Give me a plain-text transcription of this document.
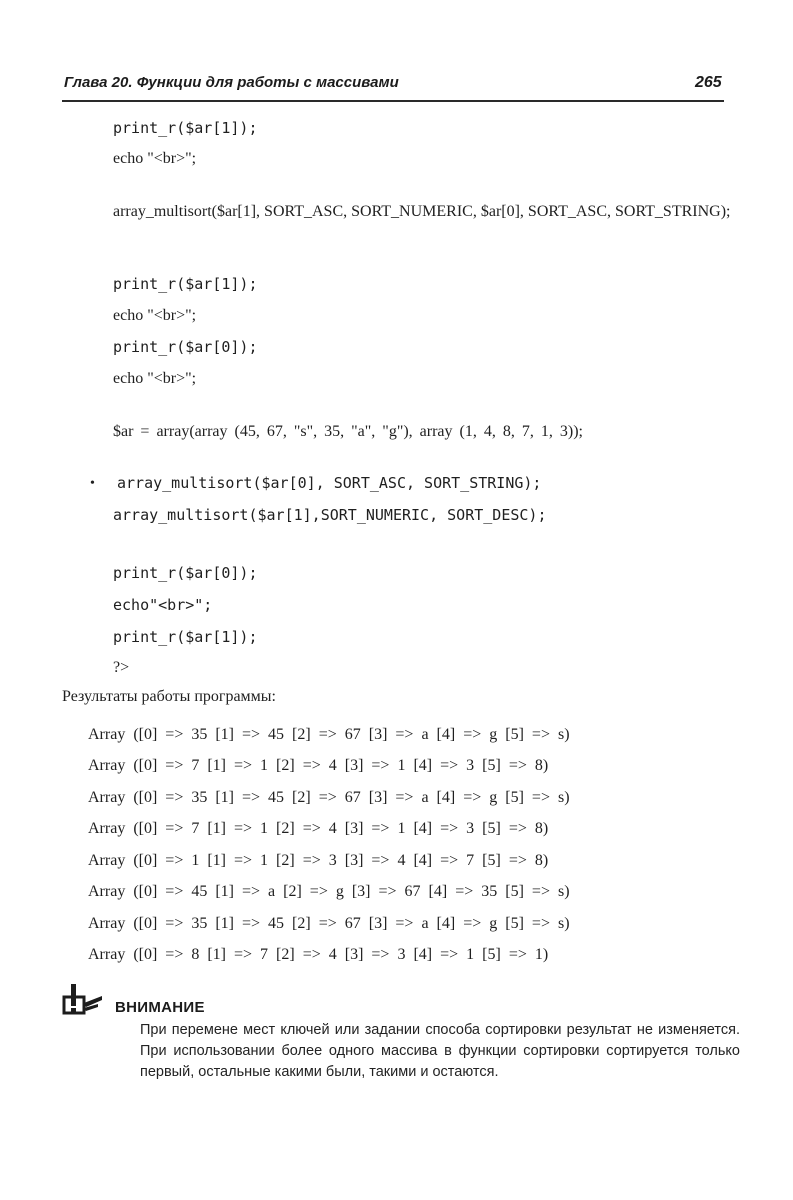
Глава 20. Функции для работы с массивами	265
print_r($ar[1]);
echo "<br>";
array_multisort($ar[1], SORT_ASC, SORT_NUMERIC, $ar[0], SORT_ASC, SORT_STRING);
print_r($ar[1]);
echo "<br>";
print_r($ar[0]);
echo "<br>";
$ar = array(array (45, 67, "s", 35, "a", "g"), array (1, 4, 8, 7, 1, 3));
• array_multisort($ar[0], SORT_ASC, SORT_STRING);
array_multisort($ar[1],SORT_NUMERIC, SORT_DESC);
print_r($ar[0]);
echo"<br>";
print_r($ar[1]);
?>
Результаты работы программы:
Array ([0] => 35 [1] => 45 [2] => 67 [3] => a [4] => g [5] => s)
Array ([0] => 7 [1] => 1 [2] => 4 [3] => 1 [4] => 3 [5] => 8)
Array ([0] => 35 [1] => 45 [2] => 67 [3] => a [4] => g [5] => s)
Array ([0] => 7 [1] => 1 [2] => 4 [3] => 1 [4] => 3 [5] => 8)
Array ([0] => 1 [1] => 1 [2] => 3 [3] => 4 [4] => 7 [5] => 8)
Array ([0] => 45 [1] => a [2] => g [3] => 67 [4] => 35 [5] => s)
Array ([0] => 35 [1] => 45 [2] => 67 [3] => a [4] => g [5] => s)
Array ([0] => 8 [1] => 7 [2] => 4 [3] => 3 [4] => 1 [5] => 1)
ВНИМАНИЕ
При перемене мест ключей или задании способа сортировки результат не изменяется. При использовании более одного массива в функции сортировки сортируется только первый, остальные какими были, такими и остаются.
